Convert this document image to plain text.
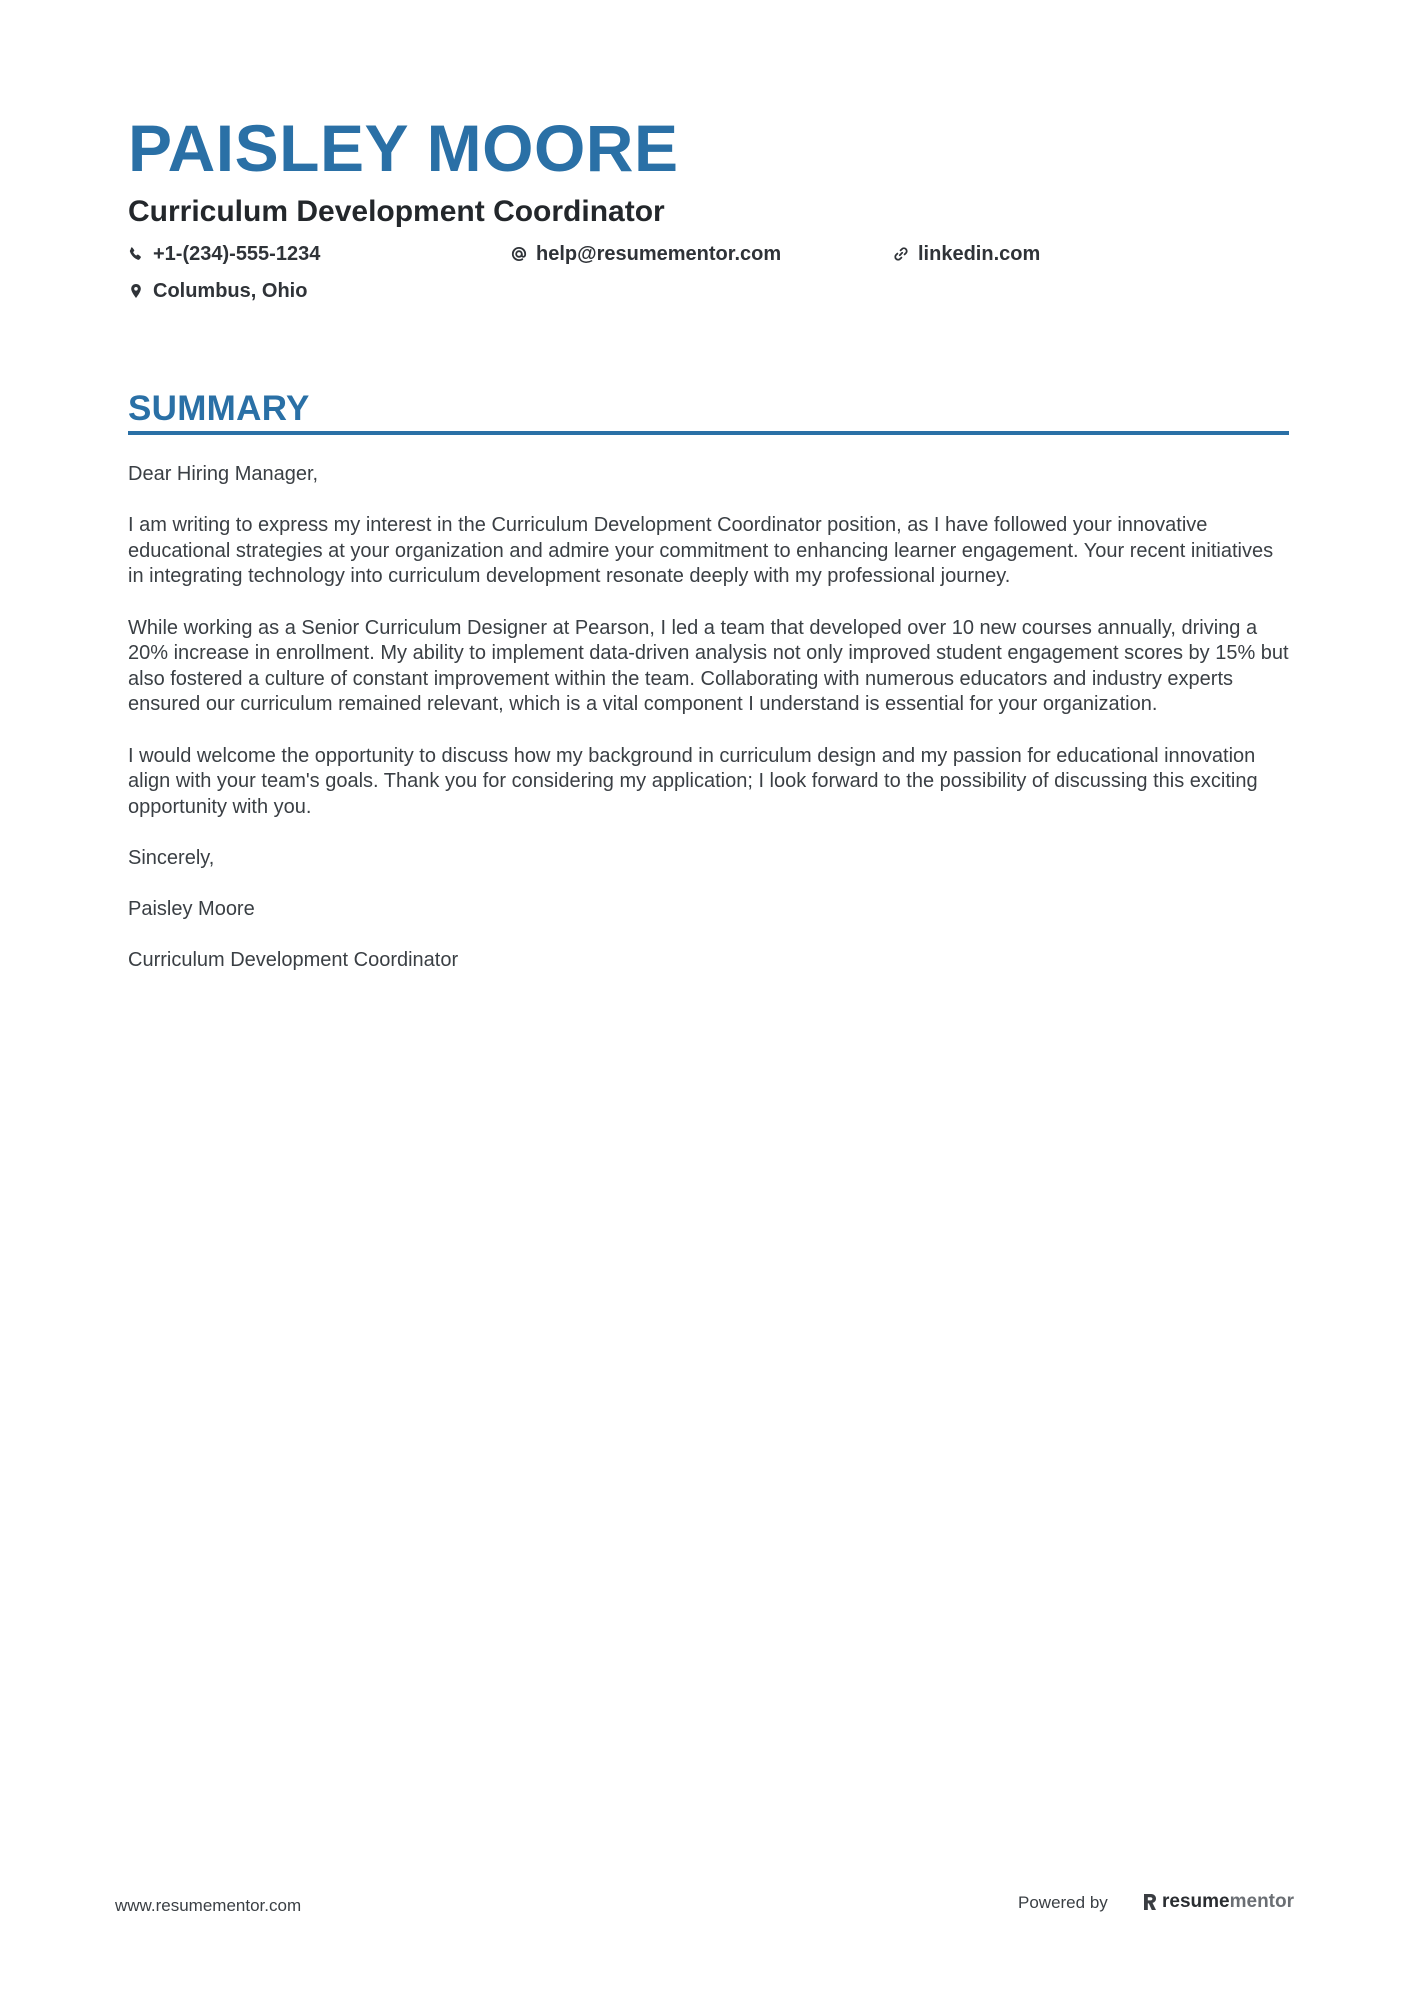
PAISLEY MOORE
Curriculum Development Coordinator
+1-(234)-555-1234	help@resumementor.com	linkedin.com
Columbus, Ohio
SUMMARY

Dear Hiring Manager,

I am writing to express my interest in the Curriculum Development Coordinator position, as I have followed your innovative educational strategies at your organization and admire your commitment to enhancing learner engagement. Your recent initiatives in integrating technology into curriculum development resonate deeply with my professional journey.

While working as a Senior Curriculum Designer at Pearson, I led a team that developed over 10 new courses annually, driving a 20% increase in enrollment. My ability to implement data-driven analysis not only improved student engagement scores by 15% but also fostered a culture of constant improvement within the team. Collaborating with numerous educators and industry experts ensured our curriculum remained relevant, which is a vital component I understand is essential for your organization.

I would welcome the opportunity to discuss how my background in curriculum design and my passion for educational innovation align with your team's goals. Thank you for considering my application; I look forward to the possibility of discussing this exciting opportunity with you.

Sincerely,

Paisley Moore

Curriculum Development Coordinator

www.resumementor.com	Powered by	resume mentor
